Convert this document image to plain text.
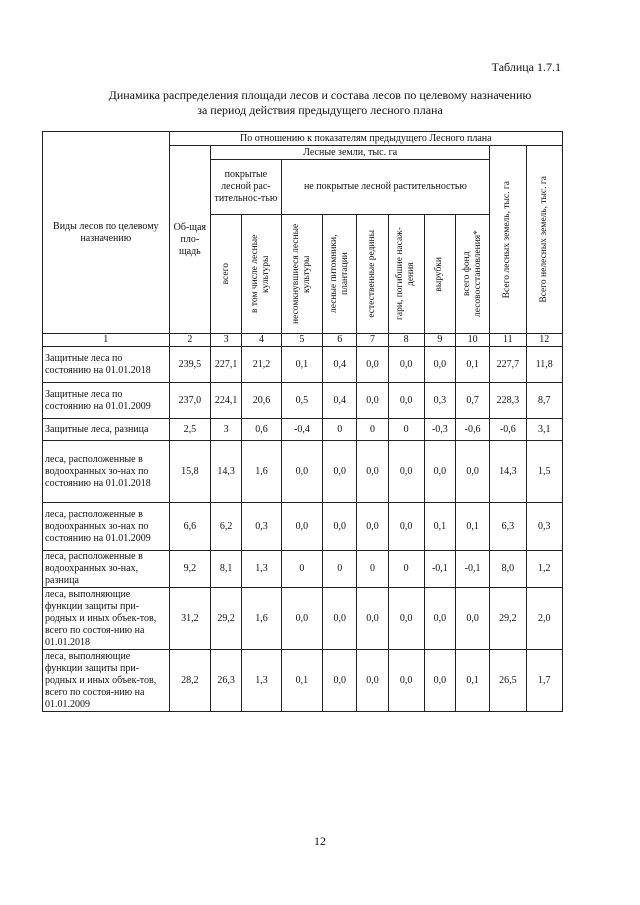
Таблица 1.7.1
Динамика распределения площади лесов и состава лесов по целевому назначению
за период действия предыдущего лесного плана
Виды лесов по целевому назначению	По отношению к показателям предыдущего Лесного плана										
	Об-щая пло-щадь	Лесные земли, тыс. га								Всего лесных земель, тыс. га	Всего нелесных земель, тыс. га

		покрытые лесной рас-тительнос-тью		не покрытые лесной растительностью							

		всего	в том числе лесные культуры	несомкнувшиеся лесные культуры	лесные питомники, плантации	естественные редины	гари, погибшие насаж-дения	вырубки	всего фонд лесовосстановления*		

1	2	3	4	5	6	7	8	9	10	11	12
Защитные леса по состоянию на 01.01.2018	239,5	227,1	21,2	0,1	0,4	0,0	0,0	0,0	0,1	227,7	11,8
Защитные леса по состоянию на 01.01.2009	237,0	224,1	20,6	0,5	0,4	0,0	0,0	0,3	0,7	228,3	8,7
Защитные леса, разница	2,5	3	0,6	-0,4	0	0	0	-0,3	-0,6	-0,6	3,1
леса, расположенные в водоохранных зо-нах по состоянию на 01.01.2018	15,8	14,3	1,6	0,0	0,0	0,0	0,0	0,0	0,0	14,3	1,5
леса, расположенные в водоохранных зо-нах по состоянию на 01.01.2009	6,6	6,2	0,3	0,0	0,0	0,0	0,0	0,1	0,1	6,3	0,3
леса, расположенные в водоохранных зо-нах, разница	9,2	8,1	1,3	0	0	0	0	-0,1	-0,1	8,0	1,2
леса, выполняющие функции защиты при-родных и иных объек-тов, всего по состоя-нию на 01.01.2018	31,2	29,2	1,6	0,0	0,0	0,0	0,0	0,0	0,0	29,2	2,0
леса, выполняющие функции защиты при-родных и иных объек-тов, всего по состоя-нию на 01.01.2009	28,2	26,3	1,3	0,1	0,0	0,0	0,0	0,0	0,1	26,5	1,7
12
